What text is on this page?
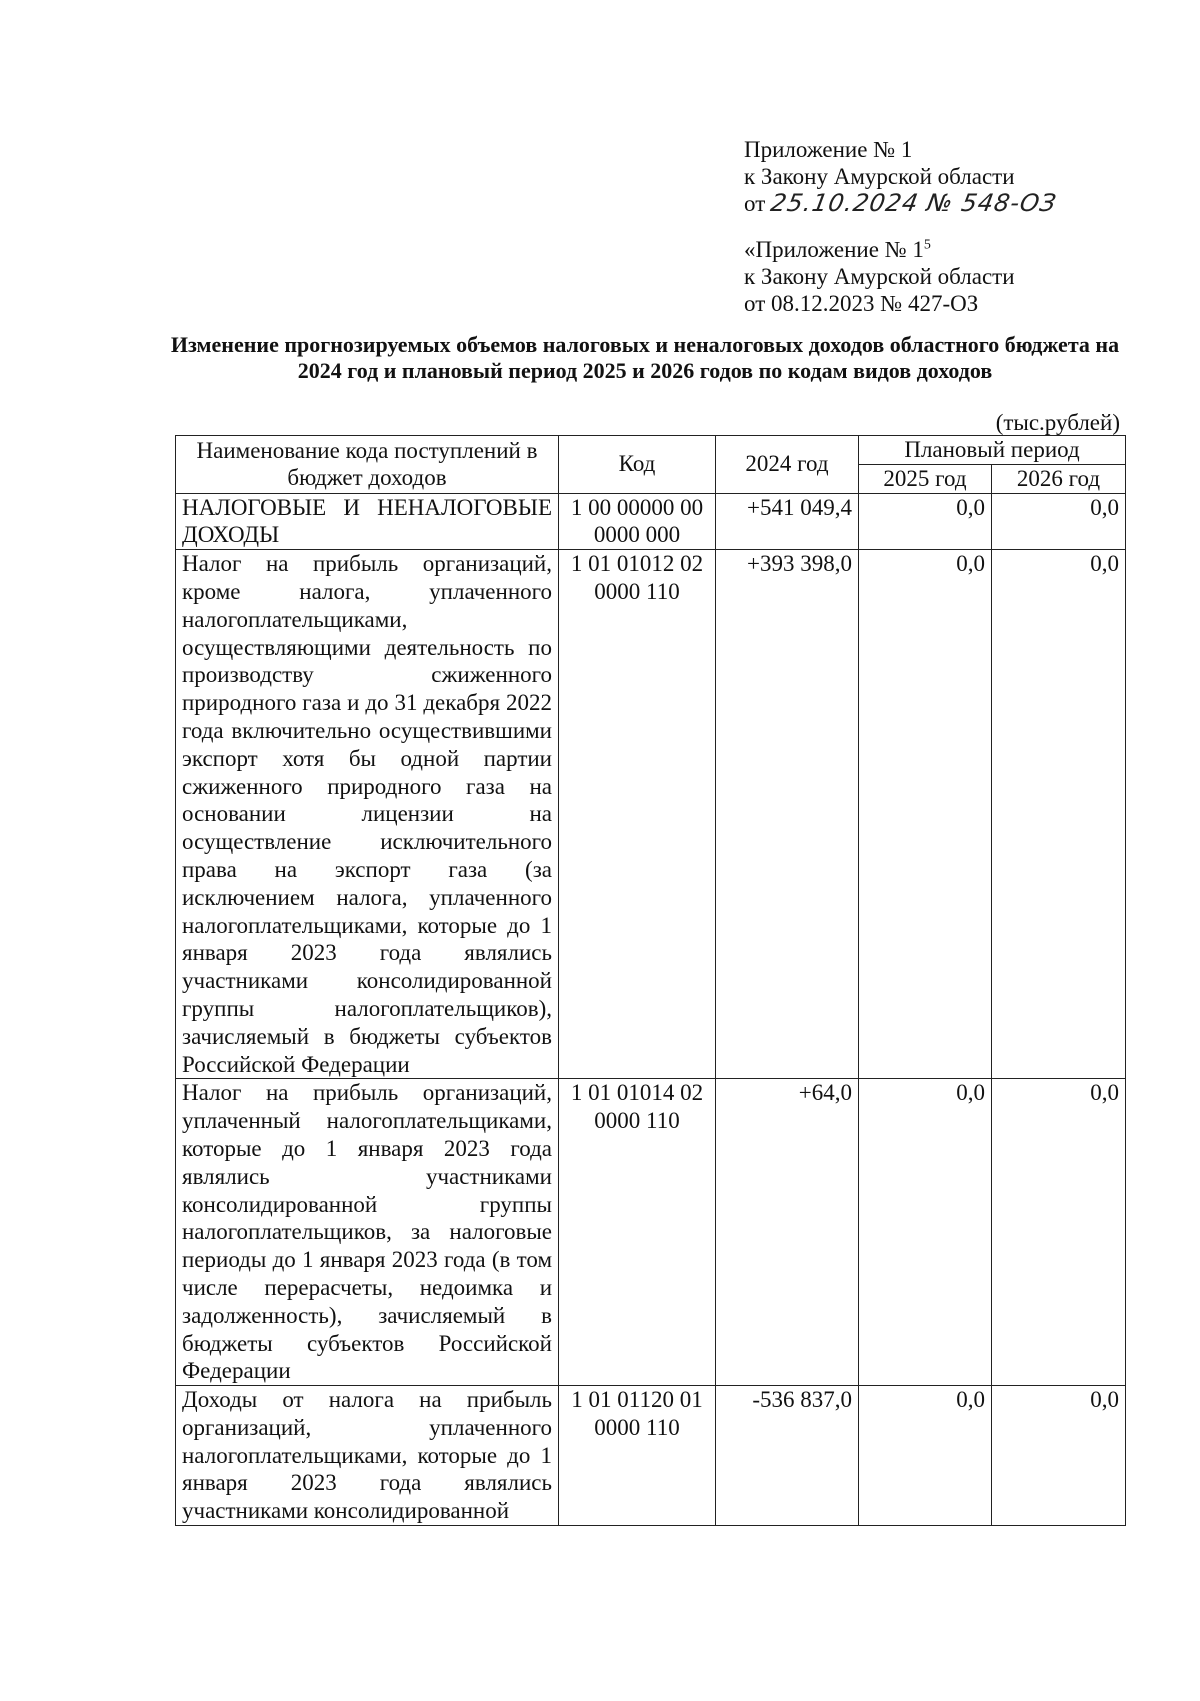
Приложение № 1
к Закону Амурской области
от 25.10.2024 № 548-ОЗ
«Приложение № $1^5$
к Закону Амурской области
от 08.12.2023 № 427-ОЗ
Изменение прогнозируемых объемов налоговых и неналоговых доходов областного бюджета на 2024 год и плановый период 2025 и 2026 годов по кодам видов доходов
(тыс.рублей)
Наименование кода поступлений в бюджет доходов	Код	2024 год	Плановый период	
			2025 год	2026 год
НАЛОГОВЫЕ И НЕНАЛОГОВЫЕ ДОХОДЫ	1 00 00000 00 0000 000	+541 049,4	0,0	0,0
Налог на прибыль организаций, кроме налога, уплаченного налогоплательщиками, осуществляющими деятельность по производству сжиженного природного газа и до 31 декабря 2022 года включительно осуществившими экспорт хотя бы одной партии сжиженного природного газа на основании лицензии на осуществление исключительного права на экспорт газа (за исключением налога, уплаченного налогоплательщиками, которые до 1 января 2023 года являлись участниками консолидированной группы налогоплательщиков), зачисляемый в бюджеты субъектов Российской Федерации	1 01 01012 02 0000 110	+393 398,0	0,0	0,0
Налог на прибыль организаций, уплаченный налогоплательщиками, которые до 1 января 2023 года являлись участниками консолидированной группы налогоплательщиков, за налоговые периоды до 1 января 2023 года (в том числе перерасчеты, недоимка и задолженность), зачисляемый в бюджеты субъектов Российской Федерации	1 01 01014 02 0000 110	+64,0	0,0	0,0
Доходы от налога на прибыль организаций, уплаченного налогоплательщиками, которые до 1 января 2023 года являлись участниками консолидированной	1 01 01120 01 0000 110	-536 837,0	0,0	0,0
